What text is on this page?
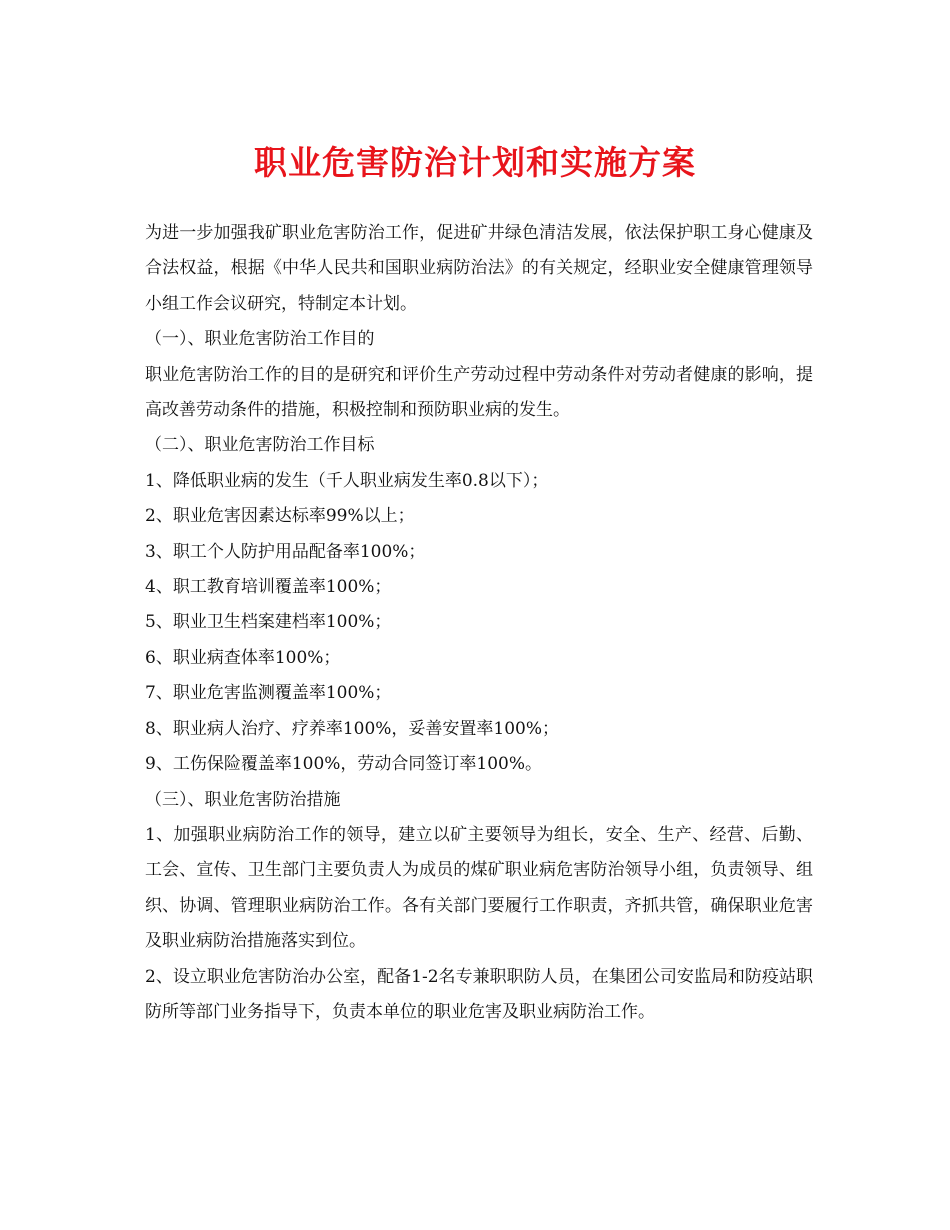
职业危害防治计划和实施方案

为进一步加强我矿职业危害防治工作，促进矿井绿色清洁发展，依法保护职工身心健康及合法权益，根据《中华人民共和国职业病防治法》的有关规定，经职业安全健康管理领导小组工作会议研究，特制定本计划。

（一）、职业危害防治工作目的

职业危害防治工作的目的是研究和评价生产劳动过程中劳动条件对劳动者健康的影响，提高改善劳动条件的措施，积极控制和预防职业病的发生。

（二）、职业危害防治工作目标

1、降低职业病的发生（千人职业病发生率0.8以下）；

2、职业危害因素达标率99%以上；

3、职工个人防护用品配备率100%；

4、职工教育培训覆盖率100%；

5、职业卫生档案建档率100%；

6、职业病查体率100%；

7、职业危害监测覆盖率100%；

8、职业病人治疗、疗养率100%，妥善安置率100%；

9、工伤保险覆盖率100%，劳动合同签订率100%。

（三）、职业危害防治措施

1、加强职业病防治工作的领导，建立以矿主要领导为组长，安全、生产、经营、后勤、工会、宣传、卫生部门主要负责人为成员的煤矿职业病危害防治领导小组，负责领导、组织、协调、管理职业病防治工作。各有关部门要履行工作职责，齐抓共管，确保职业危害及职业病防治措施落实到位。

2、设立职业危害防治办公室，配备1-2名专兼职职防人员，在集团公司安监局和防疫站职防所等部门业务指导下，负责本单位的职业危害及职业病防治工作。
